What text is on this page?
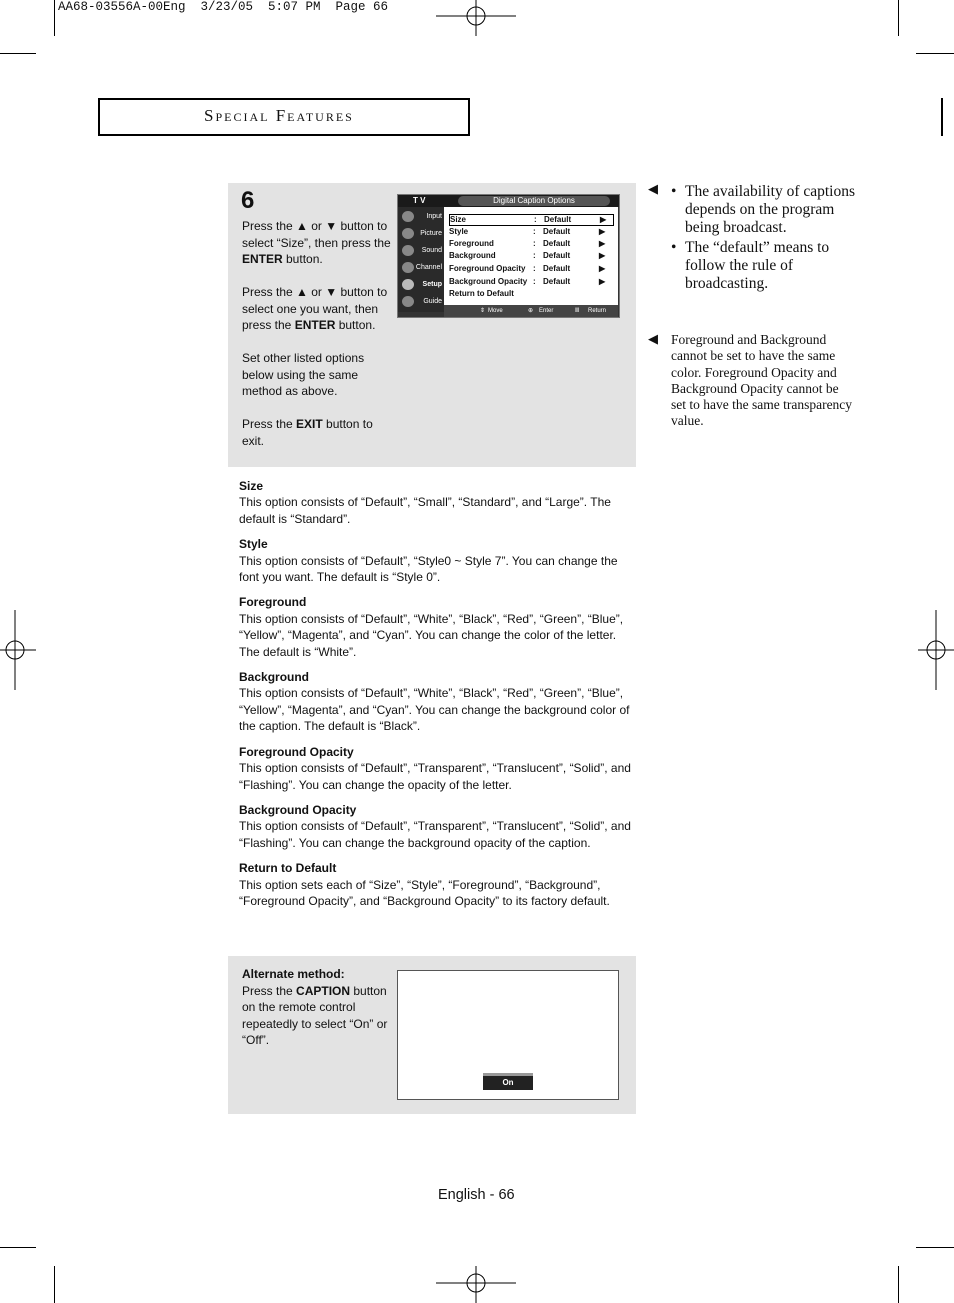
AA68-03556A-00Eng  3/23/05  5:07 PM  Page 66
Special Features
6

Press the ▲ or ▼ button to select “Size”, then press the ENTER button.

Press the ▲ or ▼ button to select one you want, then press the ENTER button.

Set other listed options below using the same method as above.

Press the EXIT button to exit.

T V	Digital Caption Options
Input
Picture
Sound
Channel
Setup
Guide
Size	: Default	▶
Style	: Default	▶
Foreground	: Default	▶
Background	: Default	▶
Foreground Opacity : Default	▶
Background Opacity : Default	▶
Return to Default
⇕ Move	⊕ Enter	Ⅲ Return
◀ • The availability of captions depends on the program being broadcast.
• The “default” means to follow the rule of broadcasting.
◀ Foreground and Background cannot be set to have the same color. Foreground Opacity and Background Opacity cannot be set to have the same transparency value.
Size
This option consists of “Default”, “Small”, “Standard”, and “Large”. The default is “Standard”.
Style
This option consists of “Default”, “Style0 ~ Style 7”. You can change the font you want. The default is “Style 0”.
Foreground
This option consists of “Default”, “White”, “Black”, “Red”, “Green”, “Blue”, “Yellow”, “Magenta”, and “Cyan”. You can change the color of the letter. The default is “White”.
Background
This option consists of “Default”, “White”, “Black”, “Red”, “Green”, “Blue”, “Yellow”, “Magenta”, and “Cyan”. You can change the background color of the caption. The default is “Black”.
Foreground Opacity
This option consists of “Default”, “Transparent”, “Translucent”, “Solid”, and “Flashing”. You can change the opacity of the letter.
Background Opacity
This option consists of “Default”, “Transparent”, “Translucent”, “Solid”, and “Flashing”. You can change the background opacity of the caption.
Return to Default
This option sets each of “Size”, “Style”, “Foreground”, “Background”, “Foreground Opacity”, and “Background Opacity” to its factory default.
Alternate method:
Press the CAPTION button on the remote control repeatedly to select “On” or “Off”.
On
English - 66
